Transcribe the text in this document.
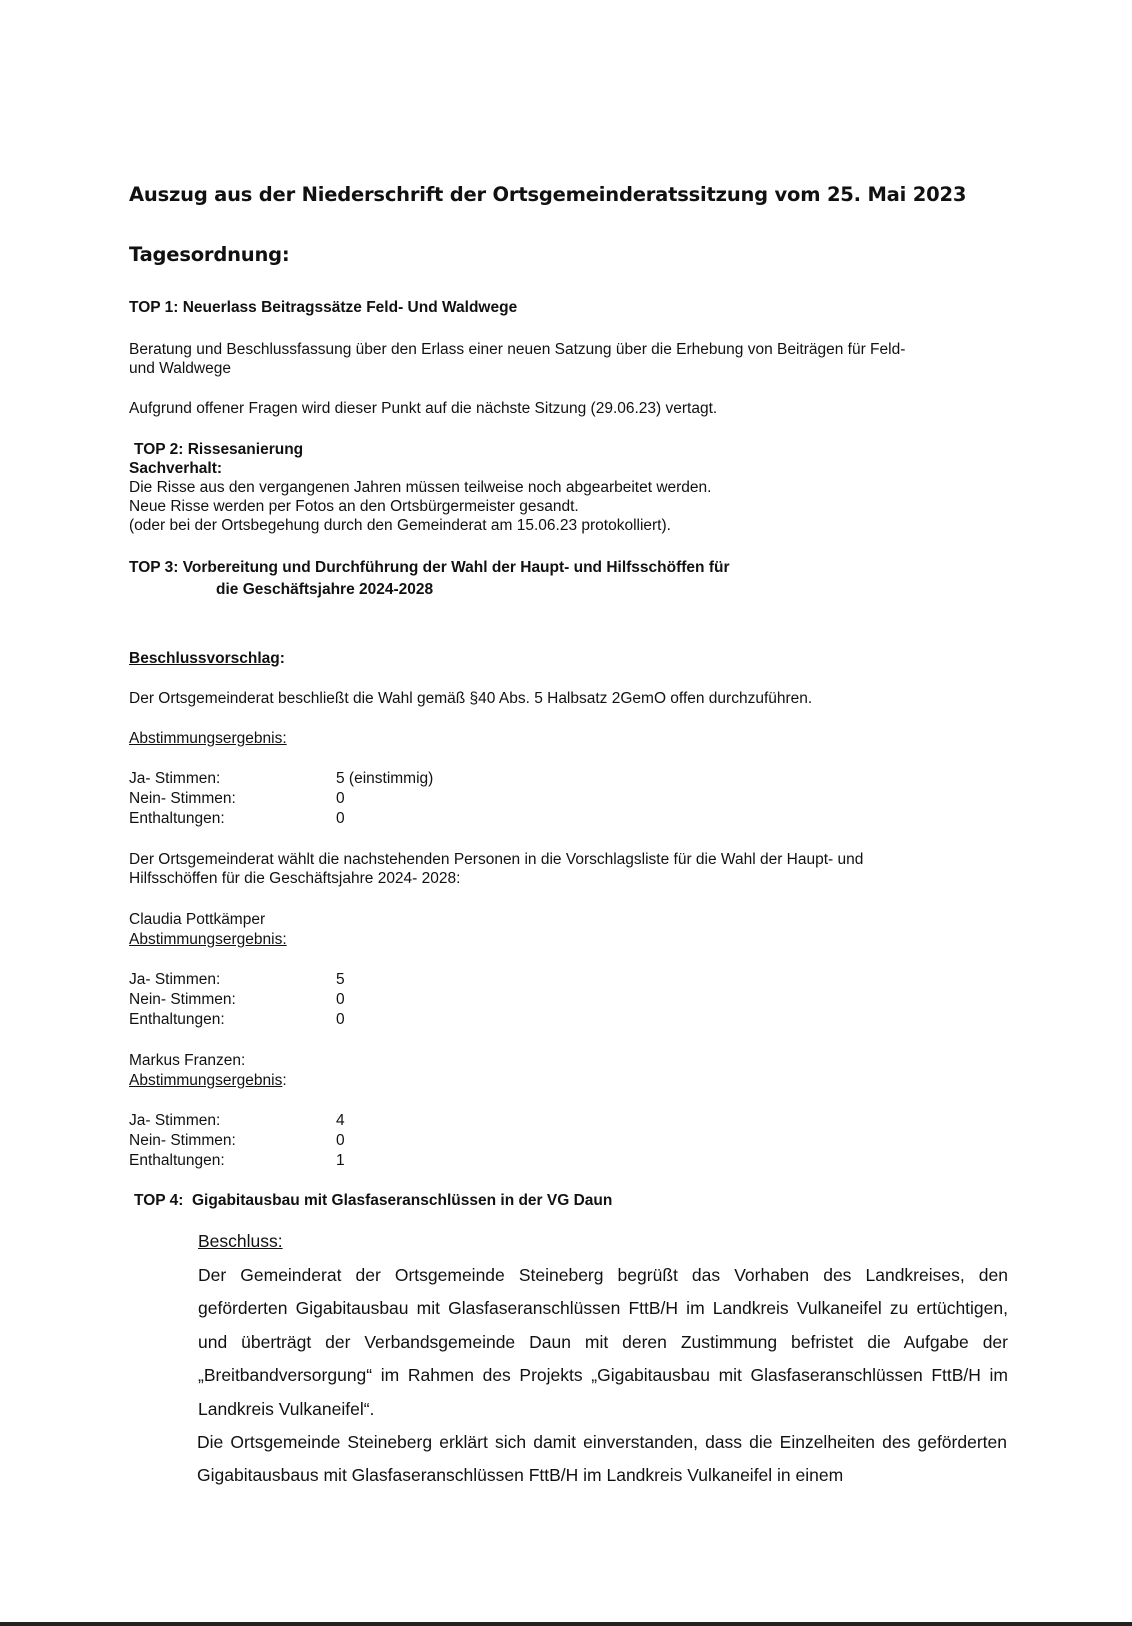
Auszug aus der Niederschrift der Ortsgemeinderatssitzung vom 25. Mai 2023
Tagesordnung:
TOP 1: Neuerlass Beitragssätze Feld- Und Waldwege
Beratung und Beschlussfassung über den Erlass einer neuen Satzung über die Erhebung von Beiträgen für Feld-
und Waldwege
Aufgrund offener Fragen wird dieser Punkt auf die nächste Sitzung (29.06.23) vertagt.
TOP 2: Rissesanierung
Sachverhalt:
Die Risse aus den vergangenen Jahren müssen teilweise noch abgearbeitet werden.
Neue Risse werden per Fotos an den Ortsbürgermeister gesandt.
(oder bei der Ortsbegehung durch den Gemeinderat am 15.06.23 protokolliert).
TOP 3: Vorbereitung und Durchführung der Wahl der Haupt- und Hilfsschöffen für
die Geschäftsjahre 2024-2028
Beschlussvorschlag:
Der Ortsgemeinderat beschließt die Wahl gemäß §40 Abs. 5 Halbsatz 2GemO offen durchzuführen.
Abstimmungsergebnis:
Ja- Stimmen:	5 (einstimmig)
Nein- Stimmen:	0
Enthaltungen:	0
Der Ortsgemeinderat wählt die nachstehenden Personen in die Vorschlagsliste für die Wahl der Haupt- und
Hilfsschöffen für die Geschäftsjahre 2024- 2028:
Claudia Pottkämper
Abstimmungsergebnis:
Ja- Stimmen:	5
Nein- Stimmen:	0
Enthaltungen:	0
Markus Franzen:
Abstimmungsergebnis:
Ja- Stimmen:	4
Nein- Stimmen:	0
Enthaltungen:	1
TOP 4:  Gigabitausbau mit Glasfaseranschlüssen in der VG Daun
Beschluss:

Der Gemeinderat der Ortsgemeinde Steineberg begrüßt das Vorhaben des Landkreises, den geförderten Gigabitausbau mit Glasfaseranschlüssen FttB/H im Landkreis Vulkaneifel zu ertüchtigen, und überträgt der Verbandsgemeinde Daun mit deren Zustimmung befristet die Aufgabe der „Breitbandversorgung“ im Rahmen des Projekts „Gigabitausbau mit Glasfaseranschlüssen FttB/H im Landkreis Vulkaneifel“.

Die Ortsgemeinde Steineberg erklärt sich damit einverstanden, dass die Einzelheiten des geförderten Gigabitausbaus mit Glasfaseranschlüssen FttB/H im Landkreis Vulkaneifel in einem
